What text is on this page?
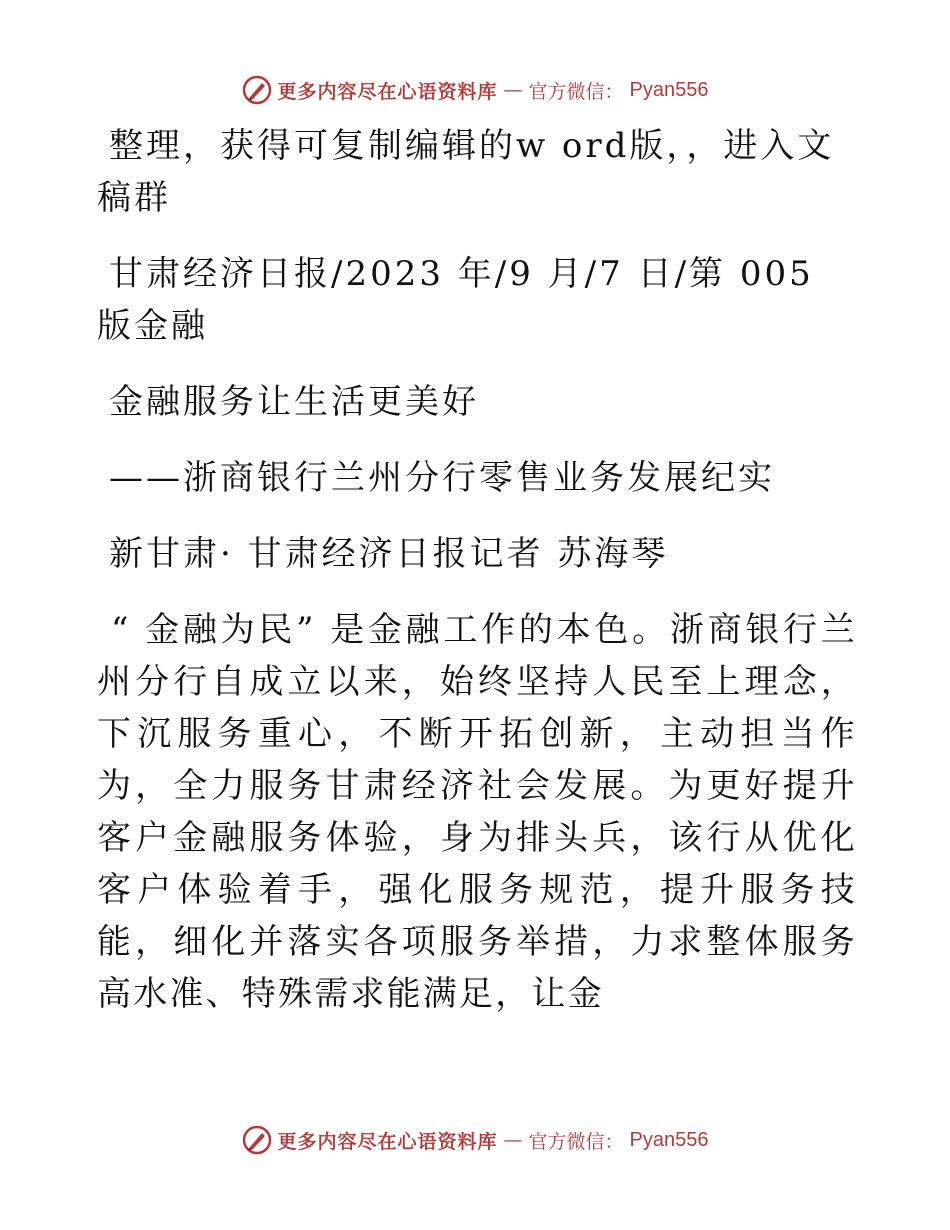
更多内容尽在心语资料库 — 官方微信： Pyan556

整理，获得可复制编辑的w ord版，，进入文稿群

甘肃经济日报/2023 年/9 月/7 日/第 005 版金融

金融服务让生活更美好

——浙商银行兰州分行零售业务发展纪实

新甘肃· 甘肃经济日报记者 苏海琴

“ 金融为民” 是金融工作的本色。浙商银行兰州分行自成立以来，始终坚持人民至上理念，下沉服务重心，不断开拓创新，主动担当作为，全力服务甘肃经济社会发展。为更好提升客户金融服务体验，身为排头兵，该行从优化客户体验着手，强化服务规范，提升服务技能，细化并落实各项服务举措，力求整体服务高水准、特殊需求能满足，让金

更多内容尽在心语资料库 — 官方微信： Pyan556
